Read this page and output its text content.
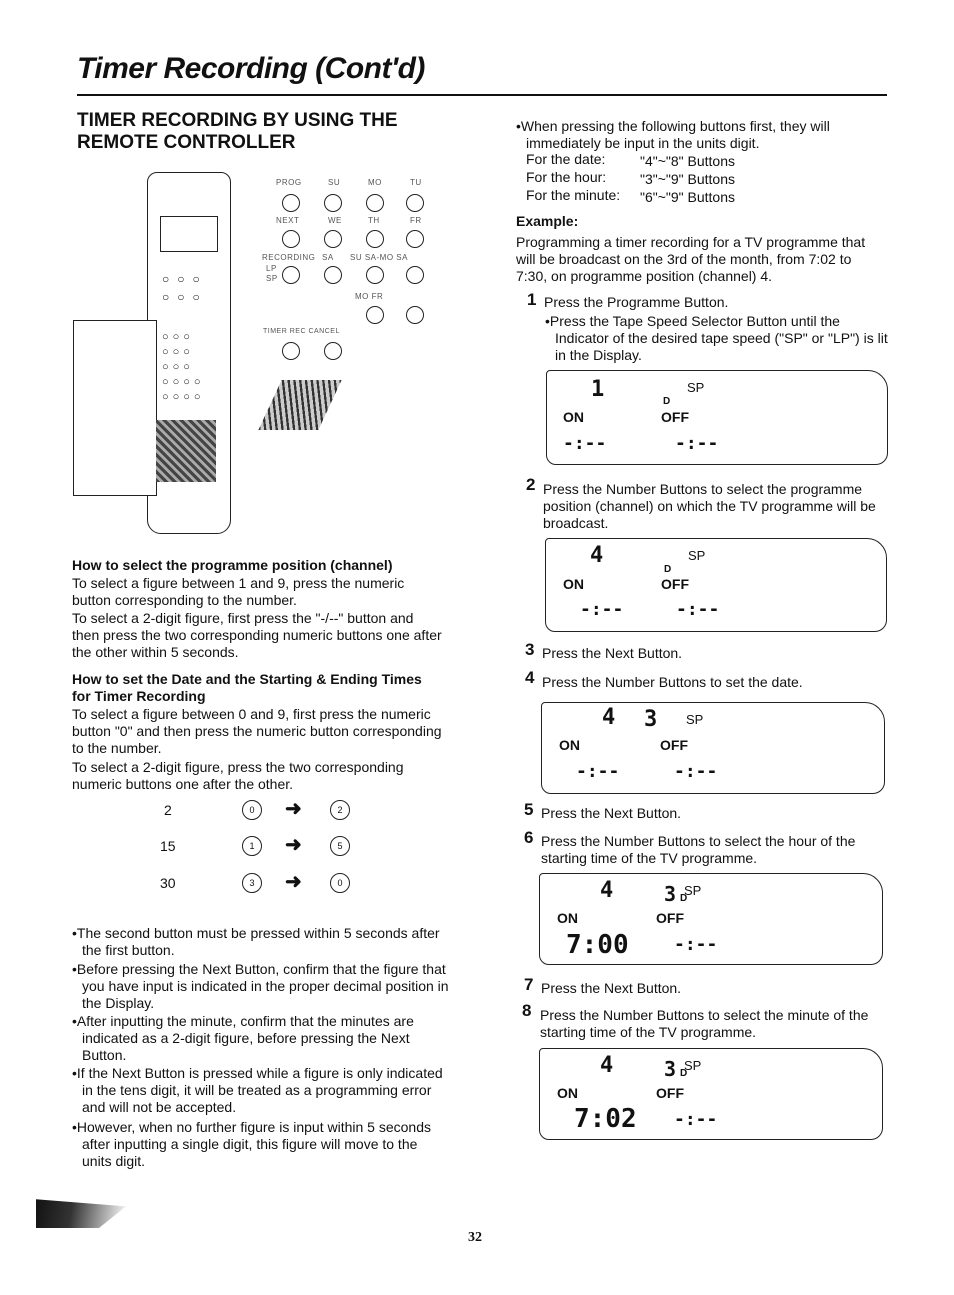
Timer Recording (Cont'd)
TIMER RECORDING BY USING THE REMOTE CONTROLLER
○○○
○○○
○○○
○○○
○○○
○○○○
○○○○
PROG	SU	MO	TU
NEXT	WE	TH	FR
RECORDING SA SU SA-MO SA
LP
SP
MO FR
TIMER REC CANCEL
How to select the programme position (channel)
To select a figure between 1 and 9, press the numeric button corresponding to the number.
To select a 2-digit figure, first press the "-/--" button and then press the two corresponding numeric buttons one after the other within 5 seconds.
How to set the Date and the Starting & Ending Times for Timer Recording
To select a figure between 0 and 9, first press the numeric button "0" and then press the numeric button corresponding to the number.
To select a 2-digit figure, press the two corresponding numeric buttons one after the other.
2	0	➜	2
15	1	➜	5
30	3	➜	0
•The second button must be pressed within 5 seconds after the first button.
•Before pressing the Next Button, confirm that the figure that you have input is indicated in the proper decimal position in the Display.
•After inputting the minute, confirm that the minutes are indicated as a 2-digit figure, before pressing the Next Button.
•If the Next Button is pressed while a figure is only indicated in the tens digit, it will be treated as a programming error and will not be accepted.
•However, when no further figure is input within 5 seconds after inputting a single digit, this figure will move to the units digit.
•When pressing the following buttons first, they will immediately be input in the units digit.
For the date: "4"~"8" Buttons
For the hour: "3"~"9" Buttons
For the minute: "6"~"9" Buttons
Example:
Programming a timer recording for a TV programme that will be broadcast on the 3rd of the month, from 7:02 to 7:30, on programme position (channel) 4.
1 Press the Programme Button.
•Press the Tape Speed Selector Button until the Indicator of the desired tape speed ("SP" or "LP") is lit in the Display.
1	SP
D
ON	OFF
-:--	-:--
2 Press the Number Buttons to select the programme position (channel) on which the TV programme will be broadcast.
4	SP
D
ON	OFF
-:--	-:--
3 Press the Next Button.
4 Press the Number Buttons to set the date.
4 3 SP
ON	OFF
-:--	-:--
5 Press the Next Button.
6 Press the Number Buttons to select the hour of the starting time of the TV programme.
4	3 D
SP
ON	OFF
7:00	-:--
7 Press the Next Button.
8 Press the Number Buttons to select the minute of the starting time of the TV programme.
4	3 D
SP
ON	OFF
7:02 -:--
32
